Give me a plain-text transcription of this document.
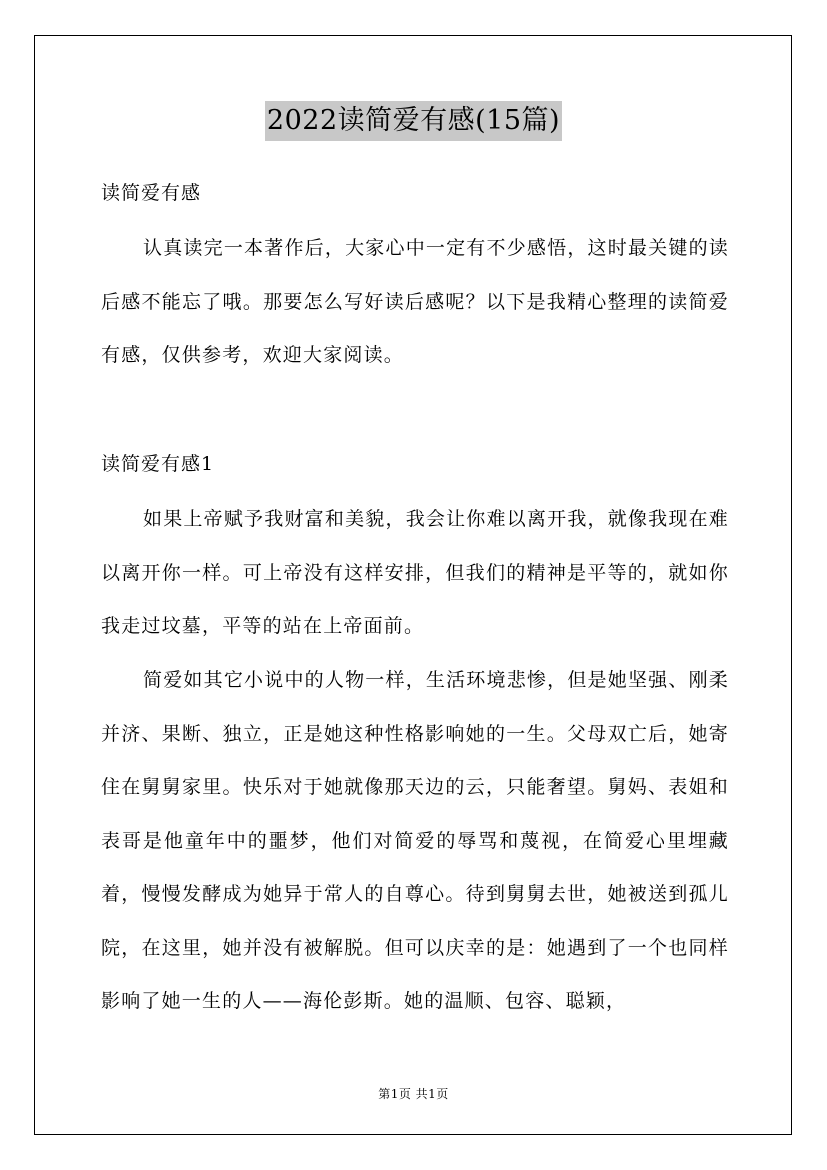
2022读简爱有感(15篇)
读简爱有感
认真读完一本著作后，大家心中一定有不少感悟，这时最关键的读后感不能忘了哦。那要怎么写好读后感呢？以下是我精心整理的读简爱有感，仅供参考，欢迎大家阅读。
读简爱有感1
如果上帝赋予我财富和美貌，我会让你难以离开我，就像我现在难以离开你一样。可上帝没有这样安排，但我们的精神是平等的，就如你我走过坟墓，平等的站在上帝面前。
简爱如其它小说中的人物一样，生活环境悲惨，但是她坚强、刚柔并济、果断、独立，正是她这种性格影响她的一生。父母双亡后，她寄住在舅舅家里。快乐对于她就像那天边的云，只能奢望。舅妈、表姐和表哥是他童年中的噩梦，他们对简爱的辱骂和蔑视，在简爱心里埋藏着，慢慢发酵成为她异于常人的自尊心。待到舅舅去世，她被送到孤儿院，在这里，她并没有被解脱。但可以庆幸的是：她遇到了一个也同样影响了她一生的人——海伦彭斯。她的温顺、包容、聪颖，
第1页 共1页
